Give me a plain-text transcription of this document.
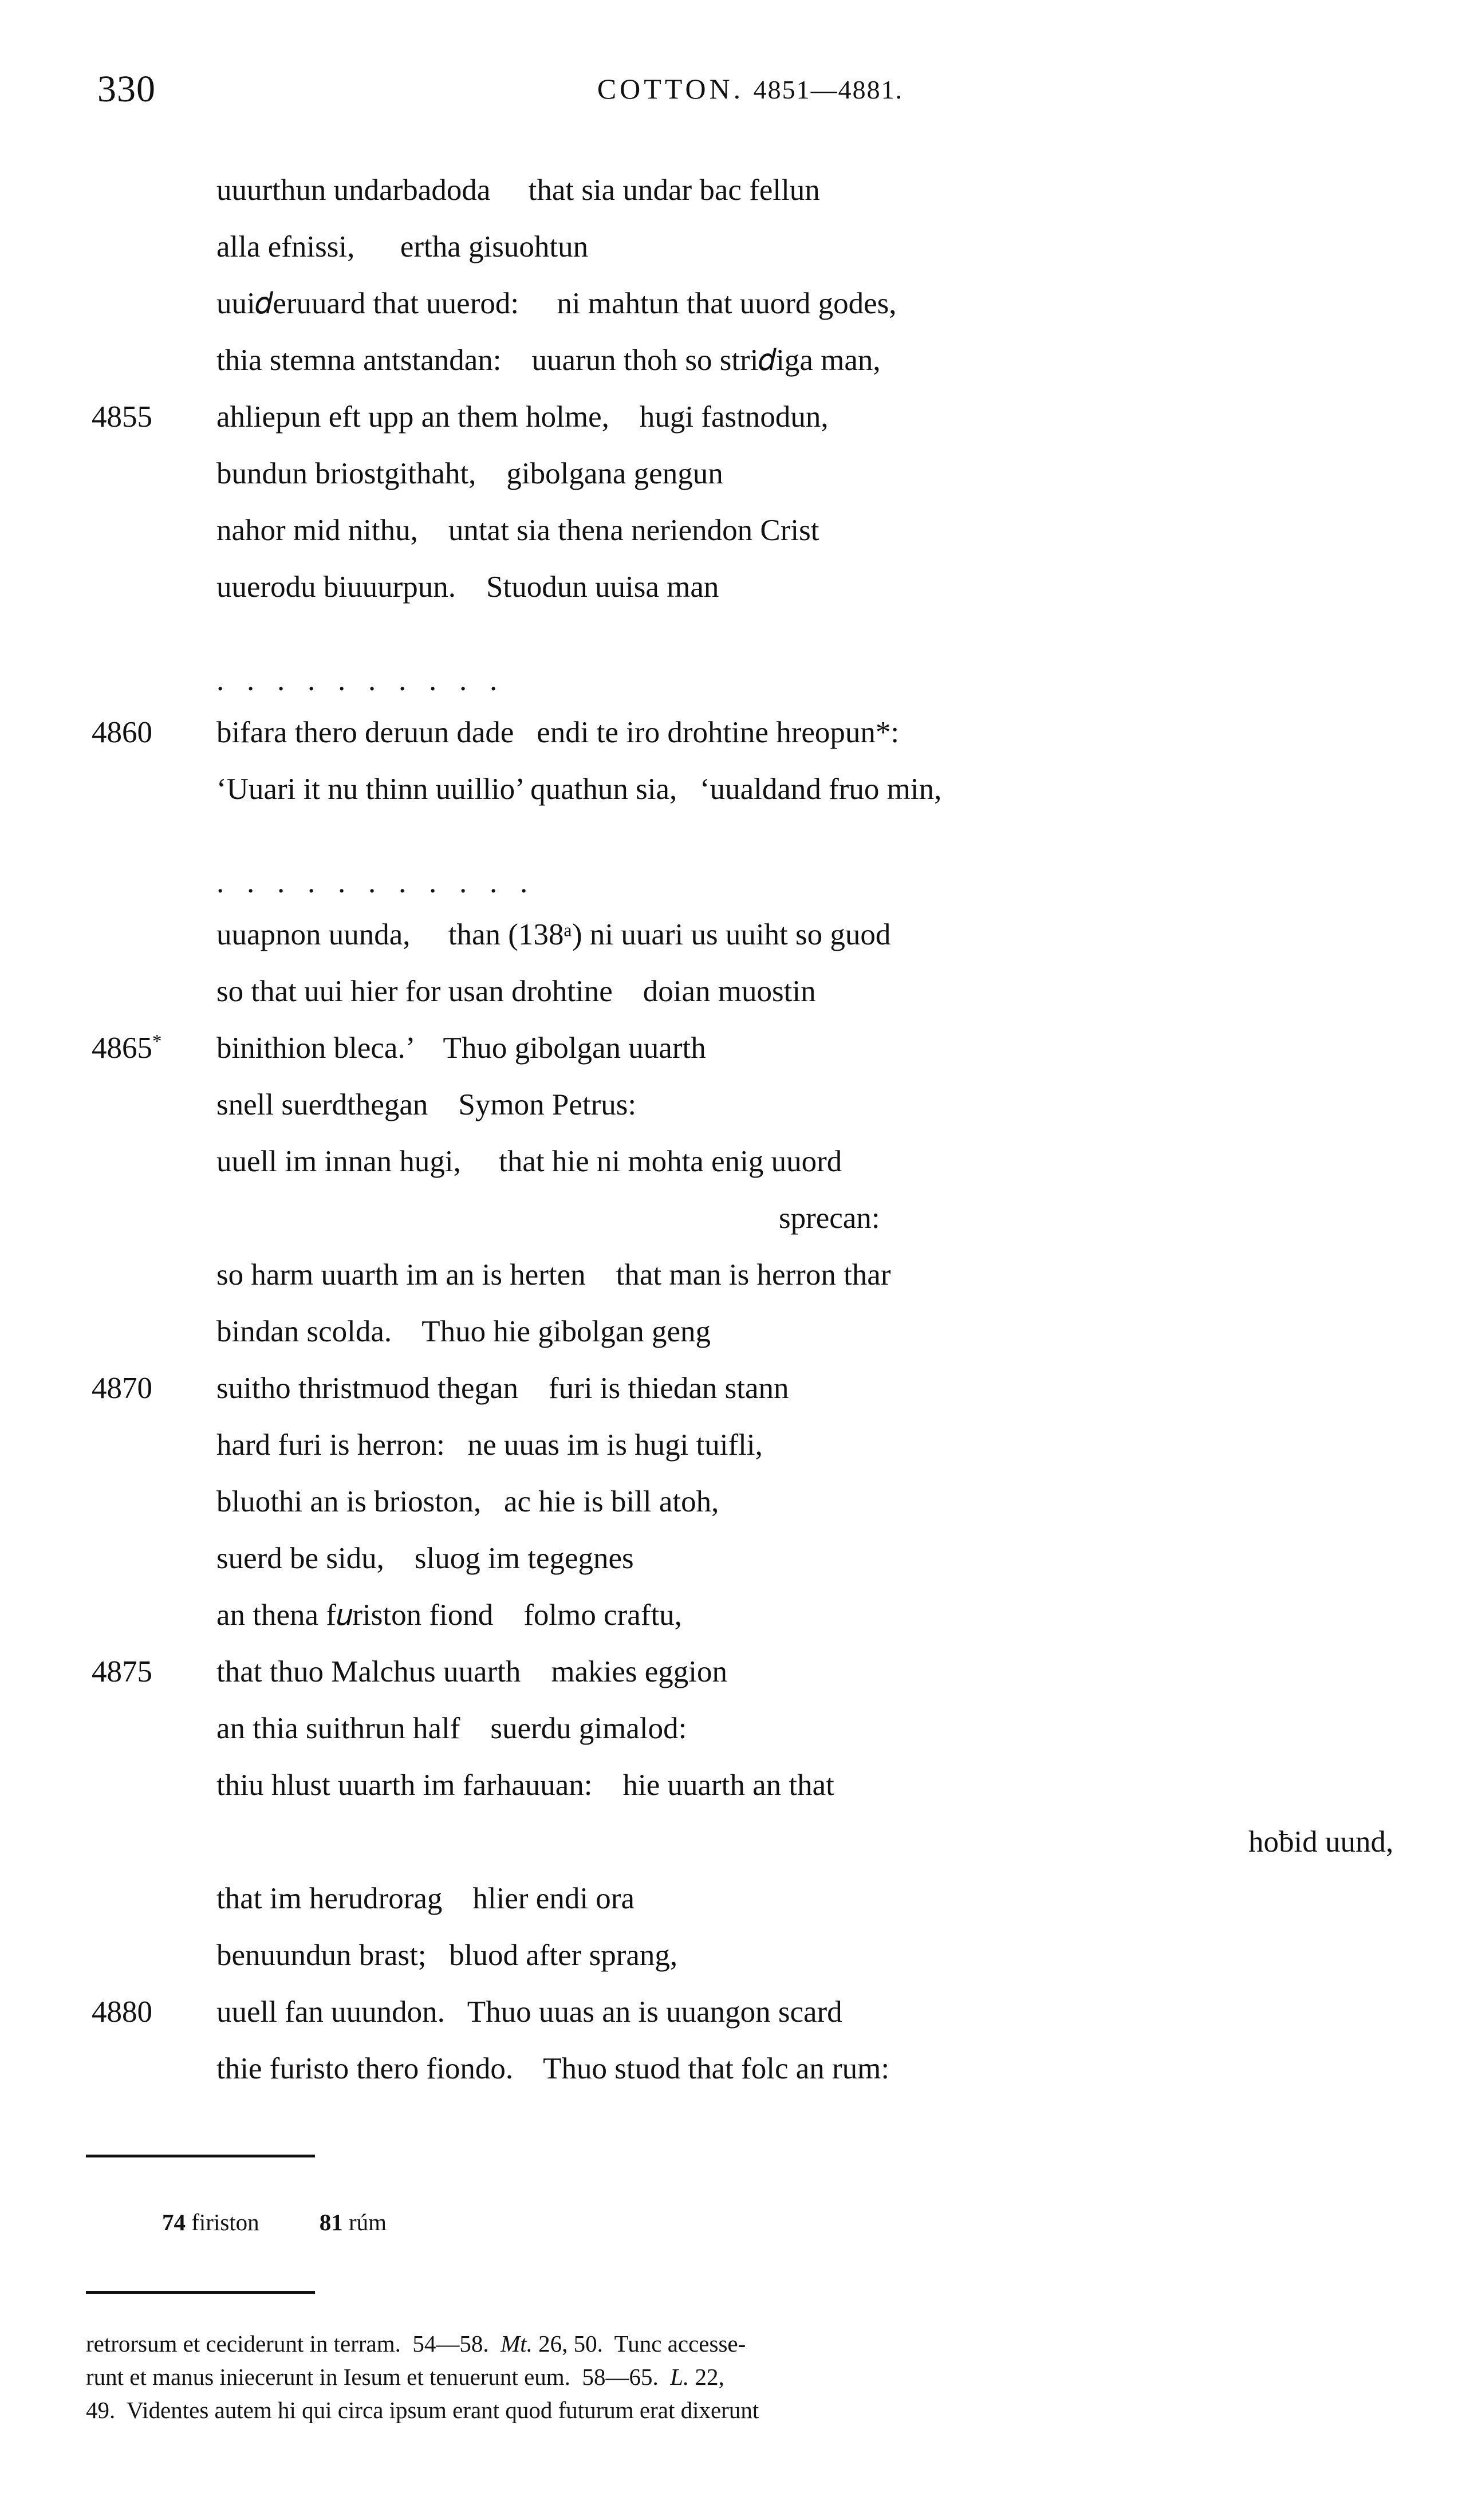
330	COTTON. 4851—4881.
uuurthun undarbadoda     that sia undar bac fellun
alla efnissi,      ertha gisuohtun
uui𝑑eruuard that uuerod:     ni mahtun that uuord godes,
thia stemna antstandan:    uuarun thoh so stri𝑑iga man,
4855	ahliepun eft upp an them holme,    hugi fastnodun,
bundun briostgithaht,    gibolgana gengun
nahor mid nithu,    untat sia thena neriendon Crist
uuerodu biuuurpun.    Stuodun uuisa man
.   .   .   .   .   .   .   .   .   .
4860	bifara thero deruun dade   endi te iro drohtine hreopun*:
‘Uuari it nu thinn uuillio’ quathun sia,   ‘uualdand fruo min,
.   .   .   .   .   .   .   .   .   .   .
uuapnon uunda,     than (138ᵃ) ni uuari us uuiht so guod
so that uui hier for usan drohtine    doian muostin
4865*	binithion bleca.’    Thuo gibolgan uuarth
snell suerdthegan    Symon Petrus:
uuell im innan hugi,     that hie ni mohta enig uuord
sprecan:
so harm uuarth im an is herten    that man is herron thar
bindan scolda.    Thuo hie gibolgan geng
4870	suitho thristmuod thegan    furi is thiedan stann
hard furi is herron:   ne uuas im is hugi tuifli,
bluothi an is brioston,   ac hie is bill atoh,
suerd be sidu,    sluog im tegegnes
an thena f𝑢riston fiond    folmo craftu,
4875	that thuo Malchus uuarth    makies eggion
an thia suithrun half    suerdu gimalod:
thiu hlust uuarth im farhauuan:    hie uuarth an that
hoƀid uund,
that im herudrorag    hlier endi ora
benuundun brast;   bluod after sprang,
4880	uuell fan uuundon.   Thuo uuas an is uuangon scard
thie furisto thero fiondo.    Thuo stuod that folc an rum:
74 firiston	81 rúm
retrorsum et ceciderunt in terram.  54—58.  Mt. 26, 50.  Tunc accesse-
runt et manus iniecerunt in Iesum et tenuerunt eum.  58—65.  L. 22,
49.  Videntes autem hi qui circa ipsum erant quod futurum erat dixerunt
